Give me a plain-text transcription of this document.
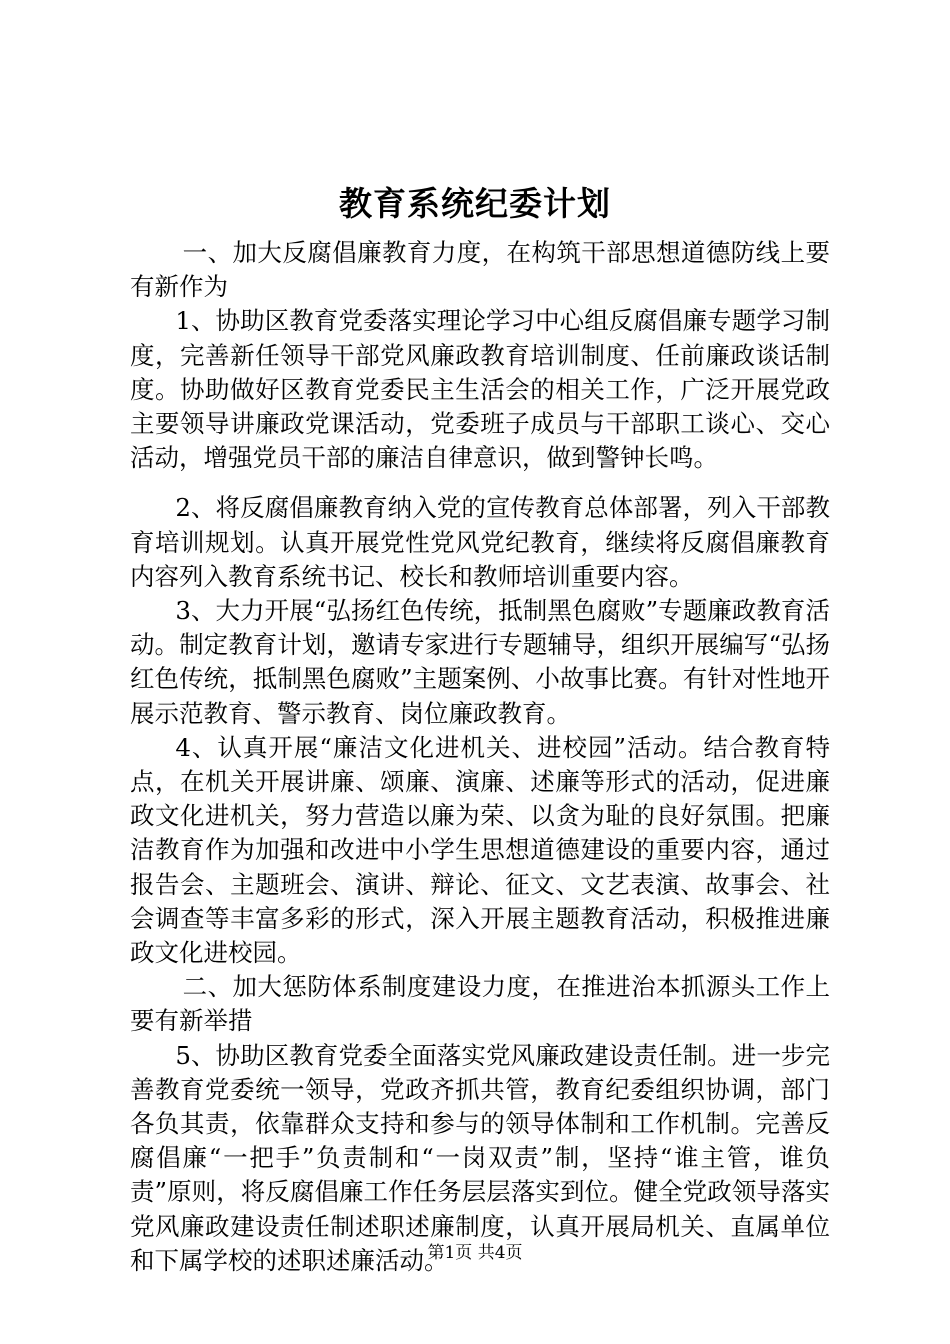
教育系统纪委计划

一、加大反腐倡廉教育力度，在构筑干部思想道德防线上要有新作为

1、协助区教育党委落实理论学习中心组反腐倡廉专题学习制度，完善新任领导干部党风廉政教育培训制度、任前廉政谈话制度。协助做好区教育党委民主生活会的相关工作，广泛开展党政主要领导讲廉政党课活动，党委班子成员与干部职工谈心、交心活动，增强党员干部的廉洁自律意识，做到警钟长鸣。

2、将反腐倡廉教育纳入党的宣传教育总体部署，列入干部教育培训规划。认真开展党性党风党纪教育，继续将反腐倡廉教育内容列入教育系统书记、校长和教师培训重要内容。

3、大力开展“弘扬红色传统，抵制黑色腐败”专题廉政教育活动。制定教育计划，邀请专家进行专题辅导，组织开展编写“弘扬红色传统，抵制黑色腐败”主题案例、小故事比赛。有针对性地开展示范教育、警示教育、岗位廉政教育。

4、认真开展“廉洁文化进机关、进校园”活动。结合教育特点，在机关开展讲廉、颂廉、演廉、述廉等形式的活动，促进廉政文化进机关，努力营造以廉为荣、以贪为耻的良好氛围。把廉洁教育作为加强和改进中小学生思想道德建设的重要内容，通过报告会、主题班会、演讲、辩论、征文、文艺表演、故事会、社会调查等丰富多彩的形式，深入开展主题教育活动，积极推进廉政文化进校园。

二、加大惩防体系制度建设力度，在推进治本抓源头工作上要有新举措

5、协助区教育党委全面落实党风廉政建设责任制。进一步完善教育党委统一领导，党政齐抓共管，教育纪委组织协调，部门各负其责，依靠群众支持和参与的领导体制和工作机制。完善反腐倡廉“一把手”负责制和“一岗双责”制，坚持“谁主管，谁负责”原则，将反腐倡廉工作任务层层落实到位。健全党政领导落实党风廉政建设责任制述职述廉制度，认真开展局机关、直属单位和下属学校的述职述廉活动。

第1页 共4页
